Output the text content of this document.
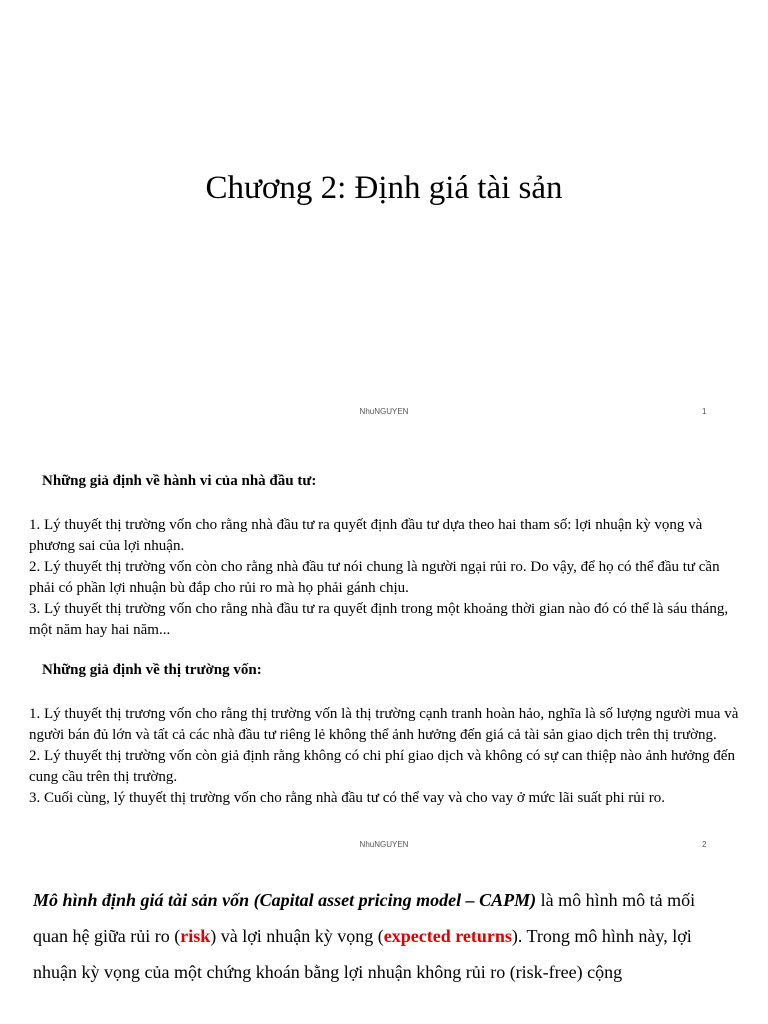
Chương 2: Định giá tài sản
NhuNGUYEN	1
Những giả định về hành vi của nhà đầu tư:

1. Lý thuyết thị trường vốn cho rằng nhà đầu tư ra quyết định đầu tư dựa theo hai tham số: lợi nhuận kỳ vọng và phương sai của lợi nhuận.

2. Lý thuyết thị trường vốn còn cho rằng nhà đầu tư nói chung là người ngại rủi ro. Do vậy, để họ có thể đầu tư cần phải có phần lợi nhuận bù đắp cho rủi ro mà họ phải gánh chịu.

3. Lý thuyết thị trường vốn cho rằng nhà đầu tư ra quyết định trong một khoảng thời gian nào đó có thể là sáu tháng, một năm hay hai năm...

Những giả định về thị trường vốn:

1. Lý thuyết thị trương vốn cho rằng thị trường vốn là thị trường cạnh tranh hoàn hảo, nghĩa là số lượng người mua và người bán đủ lớn và tất cả các nhà đầu tư riêng lẻ không thể ảnh hưởng đến giá cả tài sản giao dịch trên thị trường.

2. Lý thuyết thị trường vốn còn giả định rằng không có chi phí giao dịch và không có sự can thiệp nào ảnh hưởng đến cung cầu trên thị trường.

3. Cuối cùng, lý thuyết thị trường vốn cho rằng nhà đầu tư có thể vay và cho vay ở mức lãi suất phi rủi ro.

NhuNGUYEN	2

Mô hình định giá tài sản vốn (Capital asset pricing model – CAPM) là mô hình mô tả mối quan hệ giữa rủi ro (risk) và lợi nhuận kỳ vọng (expected returns). Trong mô hình này, lợi nhuận kỳ vọng của một chứng khoán bằng lợi nhuận không rủi ro (risk-free) cộng
